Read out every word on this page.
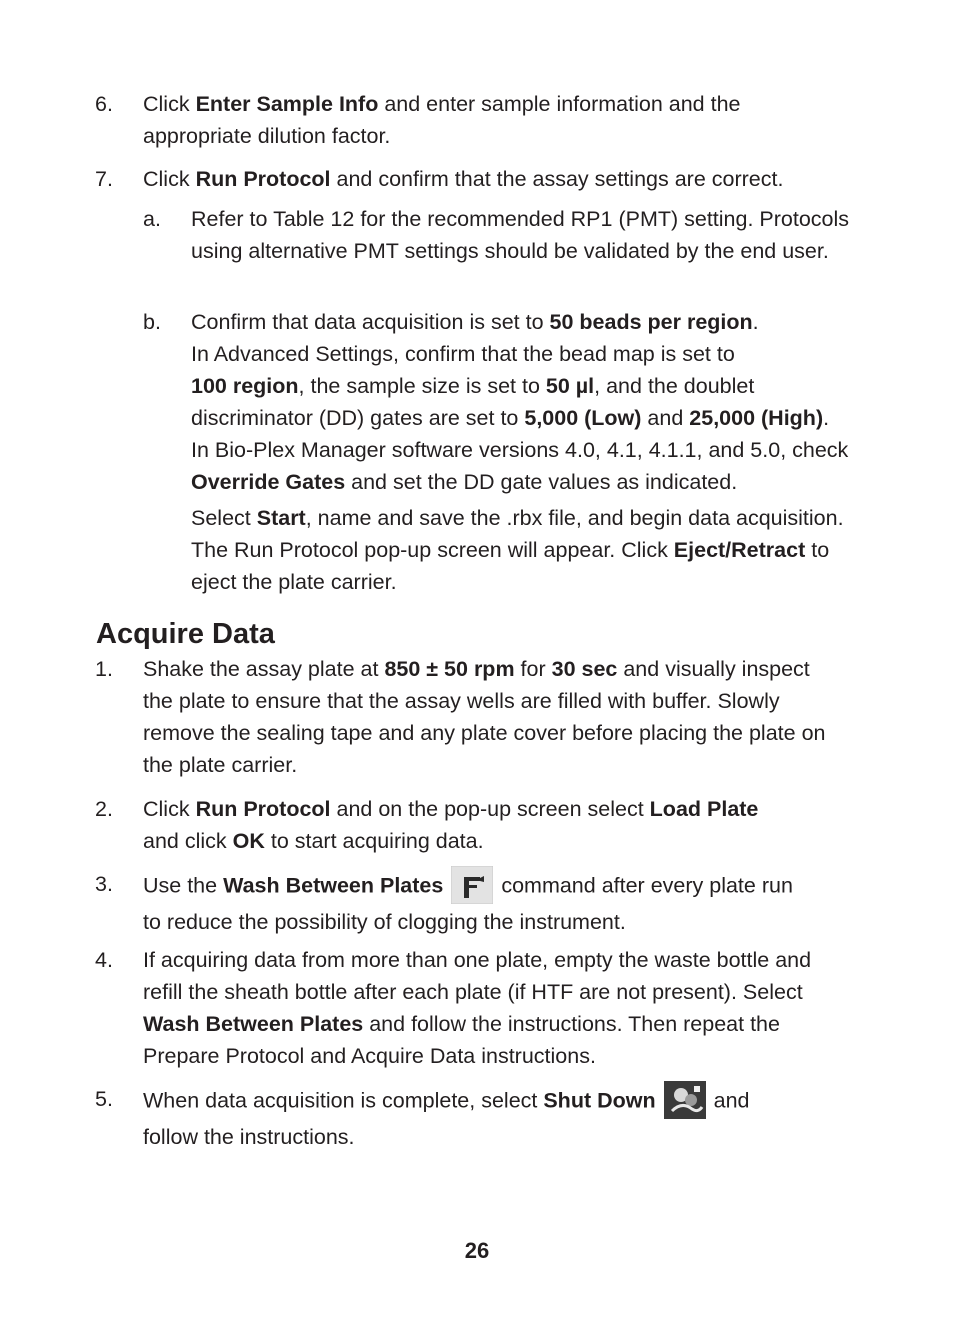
6. Click Enter Sample Info and enter sample information and the appropriate dilution factor.
7. Click Run Protocol and confirm that the assay settings are correct.
a. Refer to Table 12 for the recommended RP1 (PMT) setting. Protocols using alternative PMT settings should be validated by the end user.
b. Confirm that data acquisition is set to 50 beads per region.
In Advanced Settings, confirm that the bead map is set to
100 region, the sample size is set to 50 µl, and the doublet discriminator (DD) gates are set to 5,000 (Low) and 25,000 (High).
In Bio-Plex Manager software versions 4.0, 4.1, 4.1.1, and 5.0, check Override Gates and set the DD gate values as indicated.
Select Start, name and save the .rbx file, and begin data acquisition. The Run Protocol pop-up screen will appear. Click Eject/Retract to eject the plate carrier.
Acquire Data
1. Shake the assay plate at 850 ± 50 rpm for 30 sec and visually inspect the plate to ensure that the assay wells are filled with buffer. Slowly remove the sealing tape and any plate cover before placing the plate on the plate carrier.
2. Click Run Protocol and on the pop-up screen select Load Plate
and click OK to start acquiring data.
3. Use the Wash Between Plates	command after every plate run
to reduce the possibility of clogging the instrument.
4. If acquiring data from more than one plate, empty the waste bottle and refill the sheath bottle after each plate (if HTF are not present). Select Wash Between Plates and follow the instructions. Then repeat the Prepare Protocol and Acquire Data instructions.
5. When data acquisition is complete, select Shut Down	and
follow the instructions.
26
